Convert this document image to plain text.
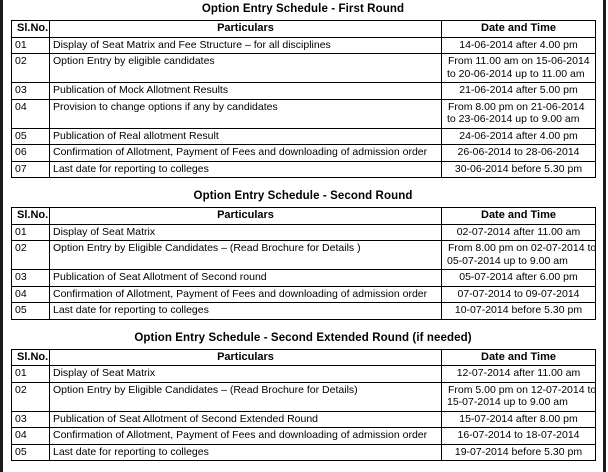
Option Entry Schedule - First Round
Sl.No.	Particulars	Date and Time
01	Display of Seat Matrix and Fee Structure – for all disciplines	14-06-2014 after 4.00 pm

02	Option Entry by eligible candidates	From 11.00 am on 15-06-2014
to 20-06-2014 up to 11.00 am

03	Publication of Mock Allotment Results	21-06-2014 after 5.00 pm

04	Provision to change options if any by candidates	From 8.00 pm on 21-06-2014
to 23-06-2014 up to 9.00 am

05	Publication of Real allotment Result	24-06-2014 after 4.00 pm

06	Confirmation of Allotment, Payment of Fees and downloading of admission order	26-06-2014 to 28-06-2014

07	Last date for reporting to colleges	30-06-2014 before 5.30 pm
Option Entry Schedule - Second Round
Sl.No.	Particulars	Date and Time
01	Display of Seat Matrix	02-07-2014 after 11.00 am

02	Option Entry by Eligible Candidates – (Read Brochure for Details )	From 8.00 pm on 02-07-2014 to
05-07-2014 up to 9.00 am

03	Publication of Seat Allotment of Second round	05-07-2014 after 6.00 pm

04	Confirmation of Allotment, Payment of Fees and downloading of admission order	07-07-2014 to 09-07-2014

05	Last date for reporting to colleges	10-07-2014 before 5.30 pm
Option Entry Schedule - Second Extended Round (if needed)
Sl.No.	Particulars	Date and Time
01	Display of Seat Matrix	12-07-2014 after 11.00 am

02	Option Entry by Eligible Candidates – (Read Brochure for Details)	From 5.00 pm on 12-07-2014 to
15-07-2014 up to 9.00 am

03	Publication of Seat Allotment of Second Extended Round	15-07-2014 after 8.00 pm

04	Confirmation of Allotment, Payment of Fees and downloading of admission order	16-07-2014 to 18-07-2014

05	Last date for reporting to colleges	19-07-2014 before 5.30 pm
